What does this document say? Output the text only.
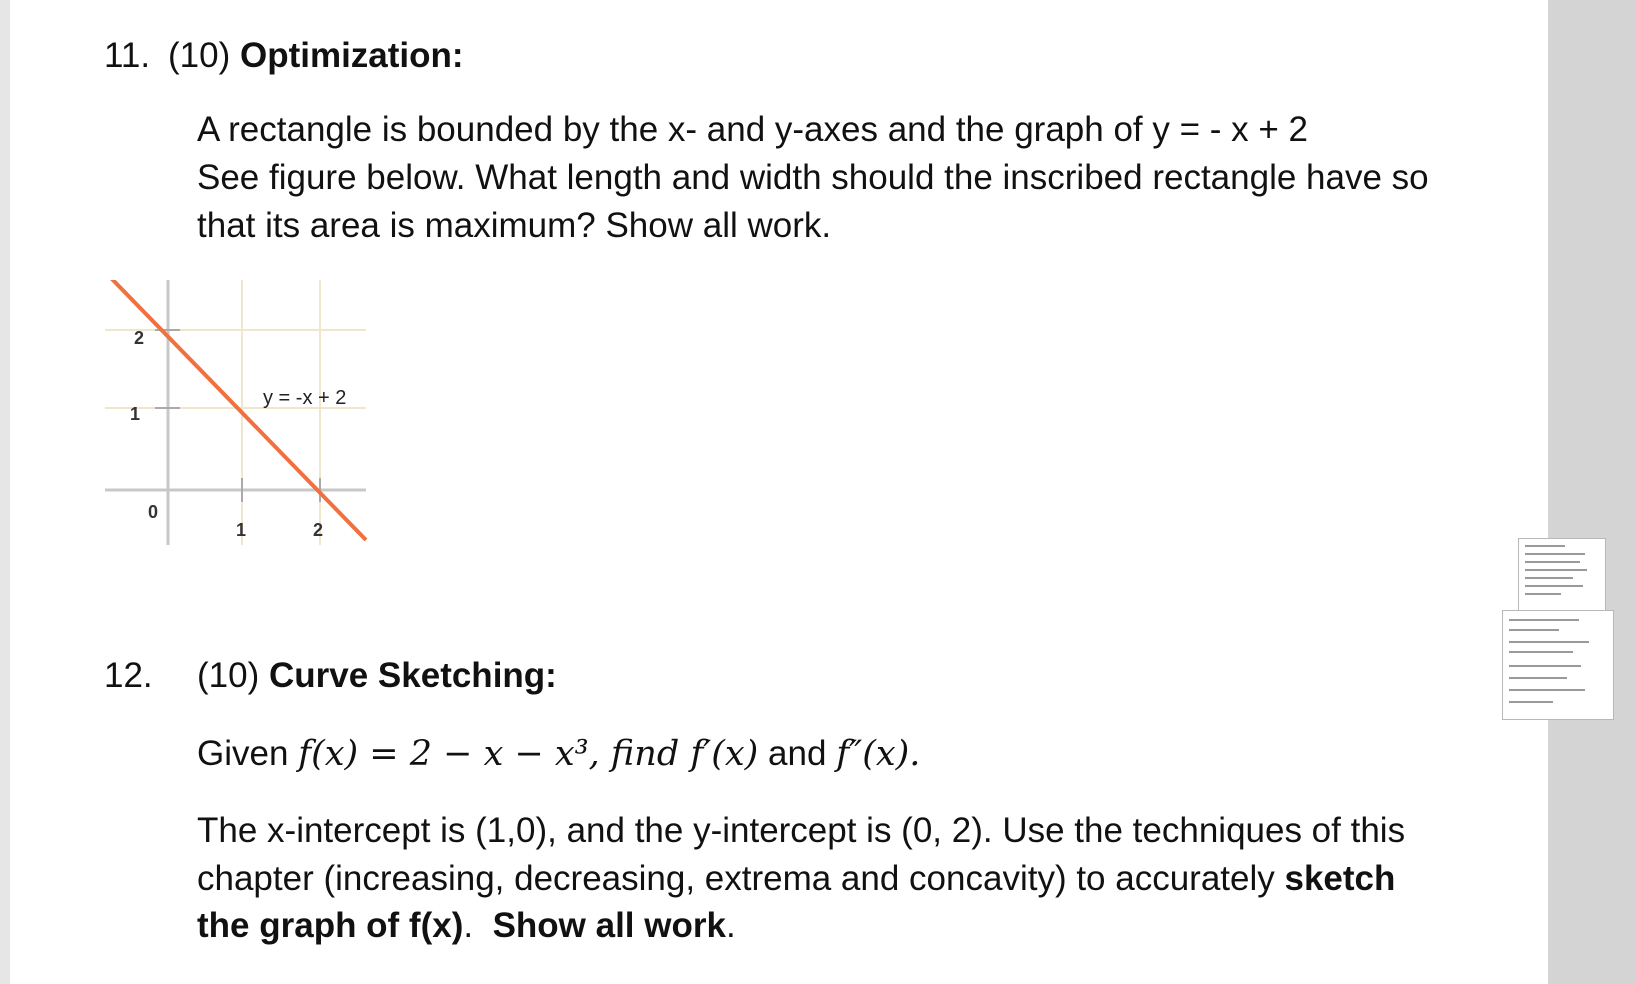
11. (10) Optimization:
A rectangle is bounded by the x- and y-axes and the graph of y = - x + 2
See figure below. What length and width should the inscribed rectangle have so
that its area is maximum? Show all work.
2
1
0
1	2
y = -x + 2
12. (10) Curve Sketching:
Given f(x) = 2 − x − x³, find f′(x) and f″(x).
The x-intercept is (1,0), and the y-intercept is (0, 2). Use the techniques of this
chapter (increasing, decreasing, extrema and concavity) to accurately sketch
the graph of f(x). Show all work.
